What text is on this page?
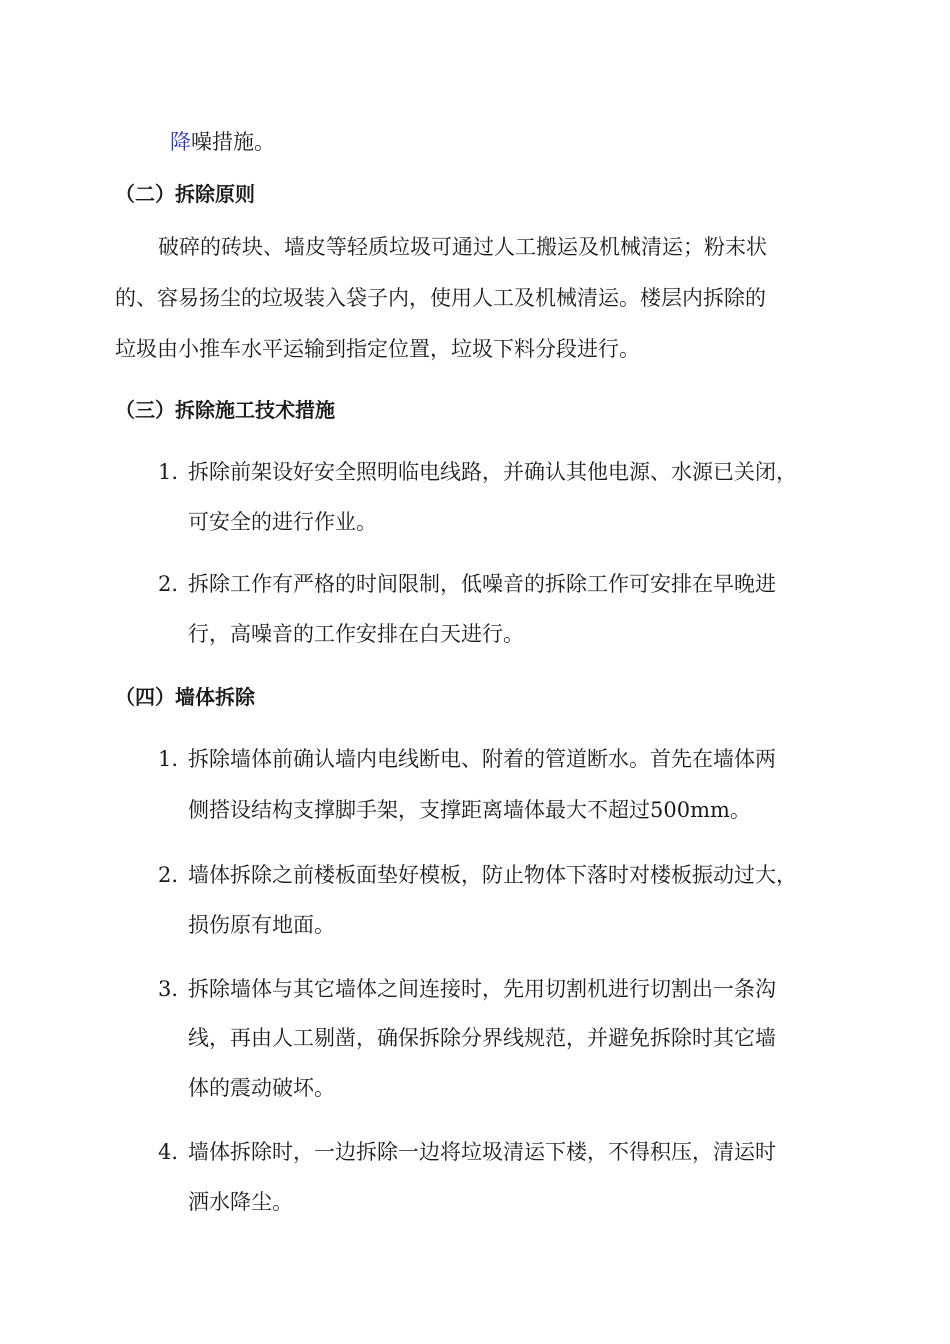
降噪措施。
（二）拆除原则
破碎的砖块、墙皮等轻质垃圾可通过人工搬运及机械清运；粉末状
的、容易扬尘的垃圾装入袋子内，使用人工及机械清运。楼层内拆除的
垃圾由小推车水平运输到指定位置，垃圾下料分段进行。
（三）拆除施工技术措施
1. 拆除前架设好安全照明临电线路，并确认其他电源、水源已关闭，
可安全的进行作业。
2. 拆除工作有严格的时间限制，低噪音的拆除工作可安排在早晚进
行，高噪音的工作安排在白天进行。
（四）墙体拆除
1. 拆除墙体前确认墙内电线断电、附着的管道断水。首先在墙体两
侧搭设结构支撑脚手架，支撑距离墙体最大不超过500mm。
2. 墙体拆除之前楼板面垫好模板，防止物体下落时对楼板振动过大，
损伤原有地面。
3. 拆除墙体与其它墙体之间连接时，先用切割机进行切割出一条沟
线，再由人工剔凿，确保拆除分界线规范，并避免拆除时其它墙
体的震动破坏。
4. 墙体拆除时，一边拆除一边将垃圾清运下楼，不得积压，清运时
洒水降尘。
